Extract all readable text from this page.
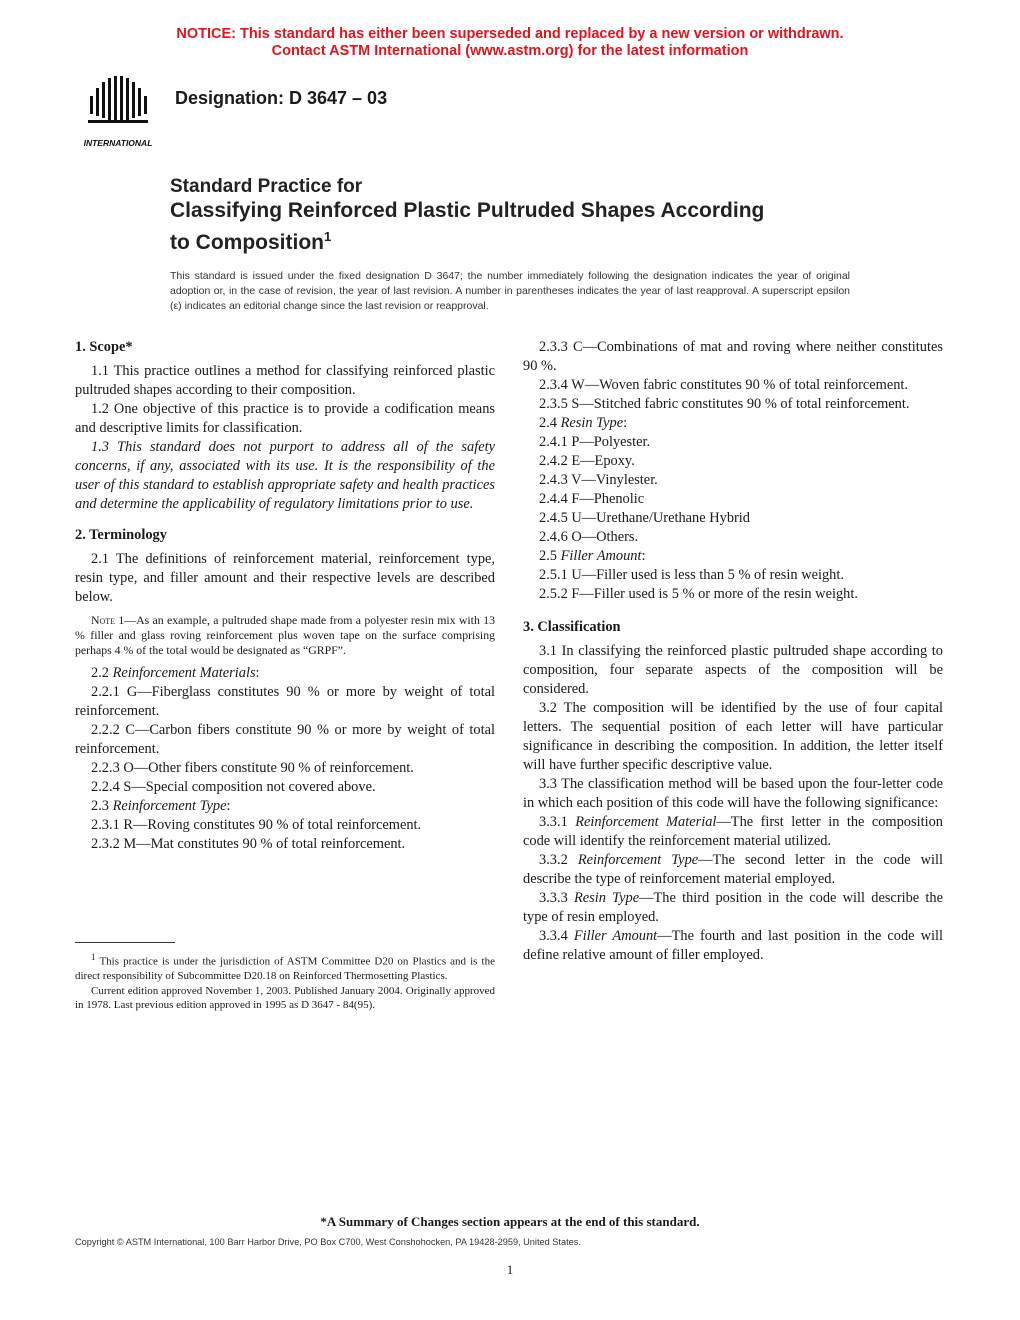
NOTICE: This standard has either been superseded and replaced by a new version or withdrawn.
Contact ASTM International (www.astm.org) for the latest information
INTERNATIONAL
Designation: D 3647 – 03
Standard Practice for
Classifying Reinforced Plastic Pultruded Shapes According
to Composition$^1$
This standard is issued under the fixed designation D 3647; the number immediately following the designation indicates the year of original adoption or, in the case of revision, the year of last revision. A number in parentheses indicates the year of last reapproval. A superscript epsilon (ε) indicates an editorial change since the last revision or reapproval.

1. Scope*

1.1 This practice outlines a method for classifying reinforced plastic pultruded shapes according to their composition.

1.2 One objective of this practice is to provide a codification means and descriptive limits for classification.

1.3 This standard does not purport to address all of the safety concerns, if any, associated with its use. It is the responsibility of the user of this standard to establish appropriate safety and health practices and determine the applicability of regulatory limitations prior to use.

2. Terminology

2.1 The definitions of reinforcement material, reinforcement type, resin type, and filler amount and their respective levels are described below.

Note 1—As an example, a pultruded shape made from a polyester resin mix with 13 % filler and glass roving reinforcement plus woven tape on the surface comprising perhaps 4 % of the total would be designated as “GRPF”.

2.2 Reinforcement Materials:

2.2.1 G—Fiberglass constitutes 90 % or more by weight of total reinforcement.

2.2.2 C—Carbon fibers constitute 90 % or more by weight of total reinforcement.

2.2.3 O—Other fibers constitute 90 % of reinforcement.

2.2.4 S—Special composition not covered above.

2.3 Reinforcement Type:

2.3.1 R—Roving constitutes 90 % of total reinforcement.

2.3.2 M—Mat constitutes 90 % of total reinforcement.

$^1$ This practice is under the jurisdiction of ASTM Committee D20 on Plastics and is the direct responsibility of Subcommittee D20.18 on Reinforced Thermosetting Plastics.

Current edition approved November 1, 2003. Published January 2004. Originally approved in 1978. Last previous edition approved in 1995 as D 3647 - 84(95).

2.3.3 C—Combinations of mat and roving where neither constitutes 90 %.

2.3.4 W—Woven fabric constitutes 90 % of total reinforcement.

2.3.5 S—Stitched fabric constitutes 90 % of total reinforcement.

2.4 Resin Type:

2.4.1 P—Polyester.

2.4.2 E—Epoxy.

2.4.3 V—Vinylester.

2.4.4 F—Phenolic

2.4.5 U—Urethane/Urethane Hybrid

2.4.6 O—Others.

2.5 Filler Amount:

2.5.1 U—Filler used is less than 5 % of resin weight.

2.5.2 F—Filler used is 5 % or more of the resin weight.

3. Classification

3.1 In classifying the reinforced plastic pultruded shape according to composition, four separate aspects of the composition will be considered.

3.2 The composition will be identified by the use of four capital letters. The sequential position of each letter will have particular significance in describing the composition. In addition, the letter itself will have further specific descriptive value.

3.3 The classification method will be based upon the four-letter code in which each position of this code will have the following significance:

3.3.1 Reinforcement Material—The first letter in the composition code will identify the reinforcement material utilized.

3.3.2 Reinforcement Type—The second letter in the code will describe the type of reinforcement material employed.

3.3.3 Resin Type—The third position in the code will describe the type of resin employed.

3.3.4 Filler Amount—The fourth and last position in the code will define relative amount of filler employed.

*A Summary of Changes section appears at the end of this standard.
Copyright © ASTM International, 100 Barr Harbor Drive, PO Box C700, West Conshohocken, PA 19428-2959, United States.
1
